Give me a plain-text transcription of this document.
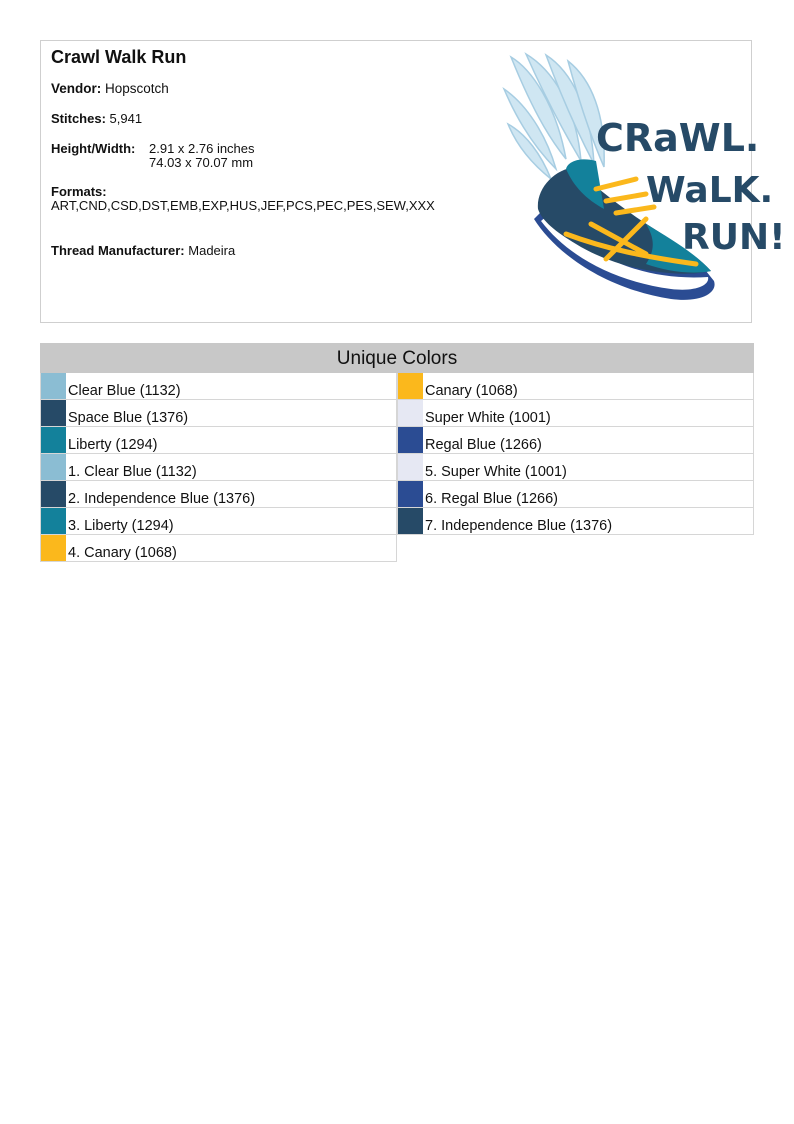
Crawl Walk Run
Vendor: Hopscotch
Stitches: 5,941
Height/Width: 2.91 x 2.76 inches
74.03 x 70.07 mm
Formats:
ART,CND,CSD,DST,EMB,EXP,HUS,JEF,PCS,PEC,PES,SEW,XXX
Thread Manufacturer: Madeira
CRaWL.
WaLK.
RUN!
Unique Colors
Clear Blue (1132)
Space Blue (1376)
Liberty (1294)
1. Clear Blue (1132)
2. Independence Blue (1376)
3. Liberty (1294)
4. Canary (1068)
Canary (1068)
Super White (1001)
Regal Blue (1266)
5. Super White (1001)
6. Regal Blue (1266)
7. Independence Blue (1376)
